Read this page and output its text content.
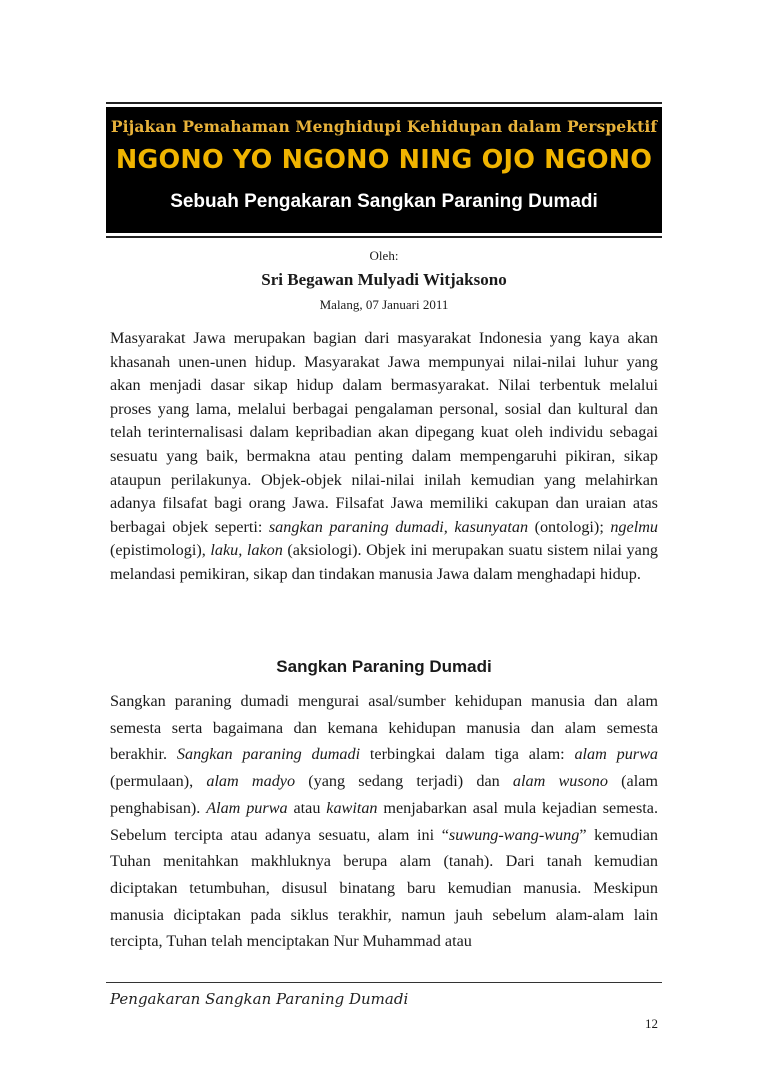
Pijakan Pemahaman Menghidupi Kehidupan dalam Perspektif
NGONO YO NGONO NING OJO NGONO
Sebuah Pengakaran Sangkan Paraning Dumadi
Oleh:
Sri Begawan Mulyadi Witjaksono
Malang, 07 Januari 2011

Masyarakat Jawa merupakan bagian dari masyarakat Indonesia yang kaya akan khasanah unen-unen hidup. Masyarakat Jawa mempunyai nilai-nilai luhur yang akan menjadi dasar sikap hidup dalam bermasyarakat. Nilai terbentuk melalui proses yang lama, melalui berbagai pengalaman personal, sosial dan kultural dan telah terinternalisasi dalam kepribadian akan dipegang kuat oleh individu sebagai sesuatu yang baik, bermakna atau penting dalam mempengaruhi pikiran, sikap ataupun perilakunya. Objek-objek nilai-nilai inilah kemudian yang melahirkan adanya filsafat bagi orang Jawa. Filsafat Jawa memiliki cakupan dan uraian atas berbagai objek seperti: sangkan paraning dumadi, kasunyatan (ontologi); ngelmu (epistimologi), laku, lakon (aksiologi). Objek ini merupakan suatu sistem nilai yang melandasi pemikiran, sikap dan tindakan manusia Jawa dalam menghadapi hidup.

Sangkan Paraning Dumadi

Sangkan paraning dumadi mengurai asal/sumber kehidupan manusia dan alam semesta serta bagaimana dan kemana kehidupan manusia dan alam semesta berakhir. Sangkan paraning dumadi terbingkai dalam tiga alam: alam purwa (permulaan), alam madyo (yang sedang terjadi) dan alam wusono (alam penghabisan). Alam purwa atau kawitan menjabarkan asal mula kejadian semesta. Sebelum tercipta atau adanya sesuatu, alam ini “suwung-wang-wung” kemudian Tuhan menitahkan makhluknya berupa alam (tanah). Dari tanah kemudian diciptakan tetumbuhan, disusul binatang baru kemudian manusia. Meskipun manusia diciptakan pada siklus terakhir, namun jauh sebelum alam-alam lain tercipta, Tuhan telah menciptakan Nur Muhammad atau

Pengakaran Sangkan Paraning Dumadi
12
